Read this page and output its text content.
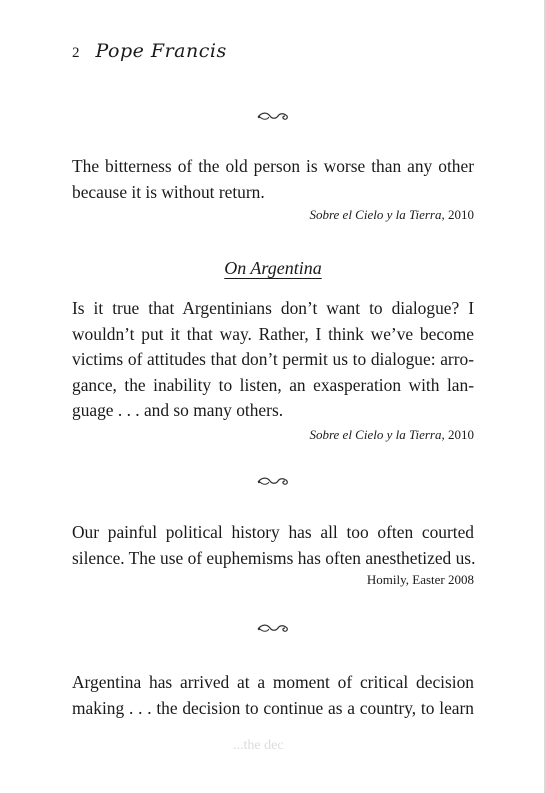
2 Pope Francis
The bitterness of the old person is worse than any other
because it is without return.
Sobre el Cielo y la Tierra, 2010
On Argentina
Is it true that Argentinians don’t want to dialogue? I
wouldn’t put it that way. Rather, I think we’ve become
victims of attitudes that don’t permit us to dialogue: arro-
gance, the inability to listen, an exasperation with lan-
guage . . . and so many others.
Sobre el Cielo y la Tierra, 2010
Our painful political history has all too often courted
silence. The use of euphemisms has often anesthetized us.
Homily, Easter 2008
Argentina has arrived at a moment of critical decision
making . . . the decision to continue as a country, to learn
...the dec
